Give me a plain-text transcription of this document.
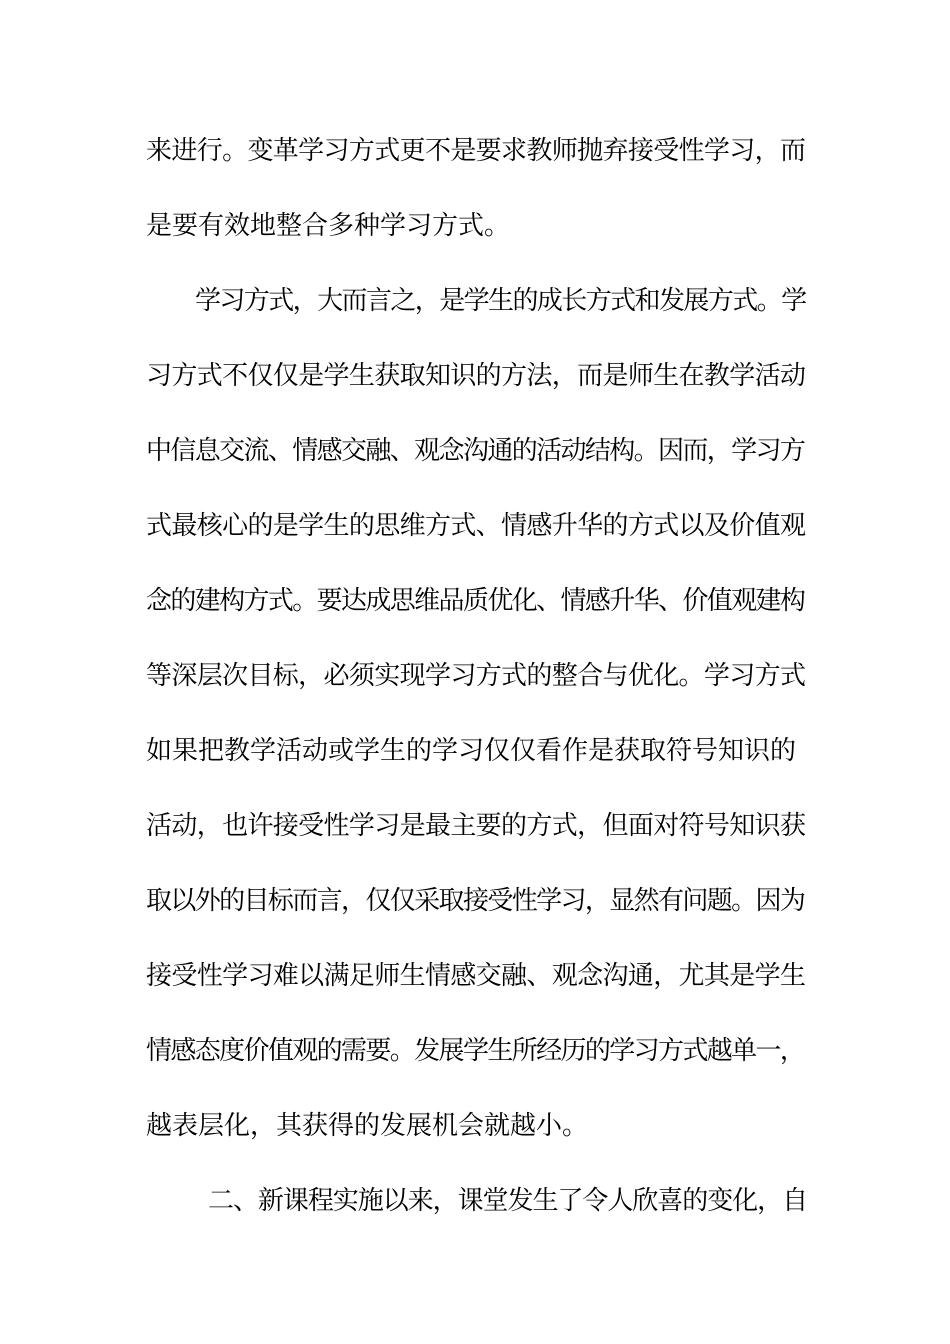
来进行。变革学习方式更不是要求教师抛弃接受性学习，而
是要有效地整合多种学习方式。
学习方式，大而言之，是学生的成长方式和发展方式。学
习方式不仅仅是学生获取知识的方法，而是师生在教学活动
中信息交流、情感交融、观念沟通的活动结构。因而，学习方
式最核心的是学生的思维方式、情感升华的方式以及价值观
念的建构方式。要达成思维品质优化、情感升华、价值观建构
等深层次目标，必须实现学习方式的整合与优化。学习方式
如果把教学活动或学生的学习仅仅看作是获取符号知识的
活动，也许接受性学习是最主要的方式，但面对符号知识获
取以外的目标而言，仅仅采取接受性学习，显然有问题。因为
接受性学习难以满足师生情感交融、观念沟通，尤其是学生
情感态度价值观的需要。发展学生所经历的学习方式越单一，
越表层化，其获得的发展机会就越小。
二、新课程实施以来，课堂发生了令人欣喜的变化，自
